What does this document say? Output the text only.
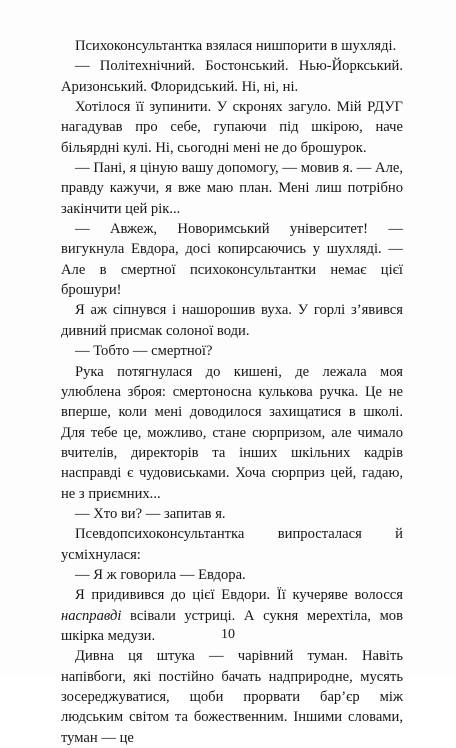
Психоконсультантка взялася нишпорити в шухляді.

— Політехнічний. Бостонський. Нью-Йоркський. Аризонський. Флоридський. Ні, ні, ні.

Хотілося її зупинити. У скронях загуло. Мій РДУГ нагадував про себе, гупаючи під шкірою, наче більярдні кулі. Ні, сьогодні мені не до брошурок.

— Пані, я ціную вашу допомогу, — мовив я. — Але, правду кажучи, я вже маю план. Мені лиш потрібно закінчити цей рік...

— Авжеж, Новоримський університет! — вигукнула Евдора, досі копирсаючись у шухляді. — Але в смертної психоконсультантки немає цієї брошури!

Я аж сіпнувся і нашорошив вуха. У горлі з’явився дивний присмак солоної води.

— Тобто — смертної?

Рука потягнулася до кишені, де лежала моя улюблена зброя: смертоносна кулькова ручка. Це не вперше, коли мені доводилося захищатися в школі. Для тебе це, можливо, стане сюрпризом, але чимало вчителів, директорів та інших шкільних кадрів насправді є чудовиськами. Хоча сюрприз цей, гадаю, не з приємних...

— Хто ви? — запитав я.

Псевдопсихоконсультантка випросталася й усміхнулася:

— Я ж говорила — Евдора.

Я придивився до цієї Евдори. Її кучеряве волосся насправді всівали устриці. А сукня мерехтіла, мов шкірка медузи.

Дивна ця штука — чарівний туман. Навіть напівбоги, які постійно бачать надприродне, мусять зосереджуватися, щоби прорвати бар’єр між людським світом та божественним. Іншими словами, туман — це

10
